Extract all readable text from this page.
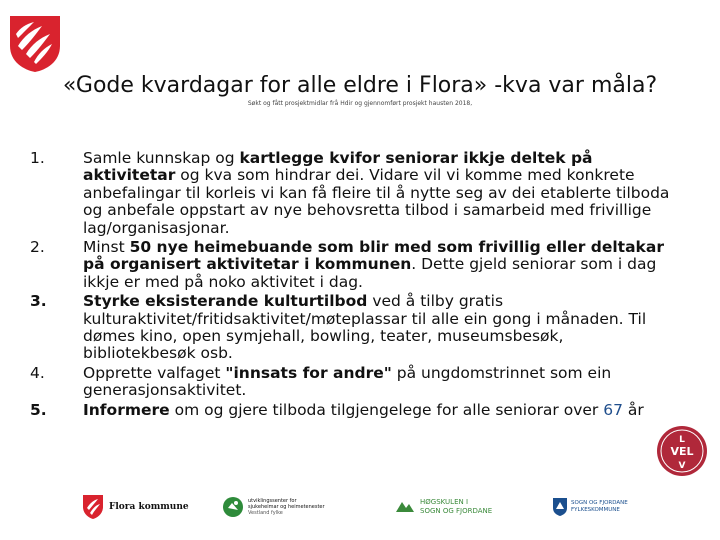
«Gode kvardagar for alle eldre i Flora» -kva var måla?
Søkt og fått prosjektmidlar frå Hdir og gjennomført prosjekt hausten 2018,
1.	Samle kunnskap og kartlegge kvifor seniorar ikkje deltek på aktivitetar og kva som hindrar dei. Vidare vil vi komme med konkrete anbefalingar til korleis vi kan få fleire til å nytte seg av dei etablerte tilboda og anbefale oppstart av nye behovsretta tilbod i samarbeid med frivillige lag/organisasjonar.
2.	Minst 50 nye heimebuande som blir med som frivillig eller deltakar på organisert aktivitetar i kommunen. Dette gjeld seniorar som i dag ikkje er med på noko aktivitet i dag.
3.	Styrke eksisterande kulturtilbod ved å tilby gratis kulturaktivitet/fritidsaktivitet/møteplassar til alle ein gong i månaden. Til dømes kino, open symjehall, bowling, teater, museumsbesøk, bibliotekbesøk osb.
4.	Opprette valfaget "innsats for andre" på ungdomstrinnet som ein generasjonsaktivitet.
5.	Informere om og gjere tilboda tilgjengelege for alle seniorar over 67 år
L
VEL
V
Flora kommune
utviklingssenter for
sjukeheimar og heimetenester
Vestland fylke
HØGSKULEN I
SOGN OG FJORDANE
SOGN OG FJORDANE
FYLKESKOMMUNE
